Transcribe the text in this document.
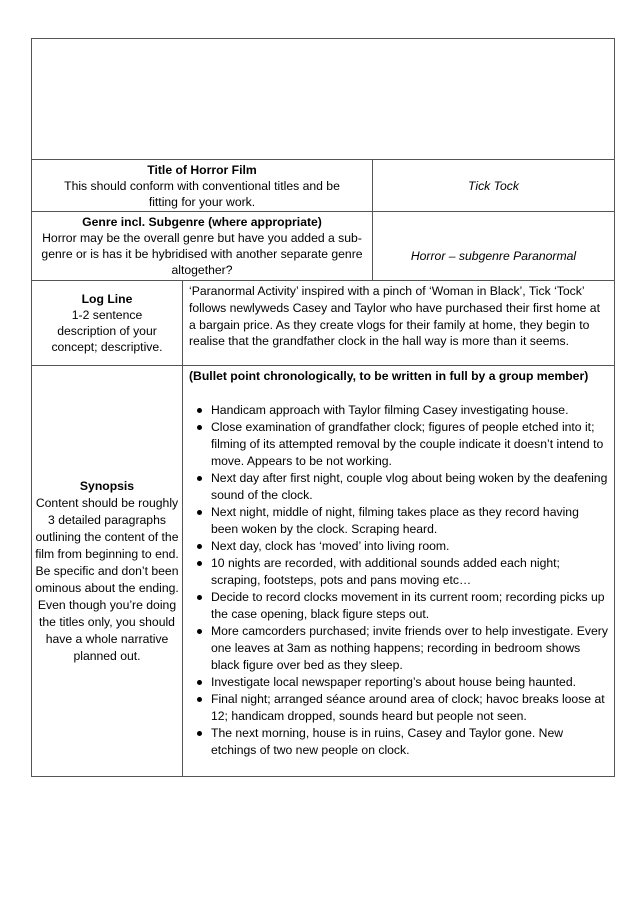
Title of Horror Film
This should conform with conventional titles and be fitting for your work.
Tick Tock
Genre incl. Subgenre (where appropriate)
Horror may be the overall genre but have you added a sub-genre or is has it be hybridised with another separate genre altogether?
Horror – subgenre Paranormal
Log Line
1-2 sentence description of your concept; descriptive.
‘Paranormal Activity’ inspired with a pinch of ‘Woman in Black’, Tick ‘Tock’ follows newlyweds Casey and Taylor who have purchased their first home at a bargain price. As they create vlogs for their family at home, they begin to realise that the grandfather clock in the hall way is more than it seems.
Synopsis
Content should be roughly 3 detailed paragraphs outlining the content of the film from beginning to end. Be specific and don’t been ominous about the ending. Even though you’re doing the titles only, you should have a whole narrative planned out.
(Bullet point chronologically, to be written in full by a group member)
Handicam approach with Taylor filming Casey investigating house.
Close examination of grandfather clock; figures of people etched into it; filming of its attempted removal by the couple indicate it doesn’t intend to move. Appears to be not working.
Next day after first night, couple vlog about being woken by the deafening sound of the clock.
Next night, middle of night, filming takes place as they record having been woken by the clock. Scraping heard.
Next day, clock has ‘moved’ into living room.
10 nights are recorded, with additional sounds added each night; scraping, footsteps, pots and pans moving etc…
Decide to record clocks movement in its current room; recording picks up the case opening, black figure steps out.
More camcorders purchased; invite friends over to help investigate. Every one leaves at 3am as nothing happens; recording in bedroom shows black figure over bed as they sleep.
Investigate local newspaper reporting’s about house being haunted.
Final night; arranged séance around area of clock; havoc breaks loose at 12; handicam dropped, sounds heard but people not seen.
The next morning, house is in ruins, Casey and Taylor gone. New etchings of two new people on clock.
